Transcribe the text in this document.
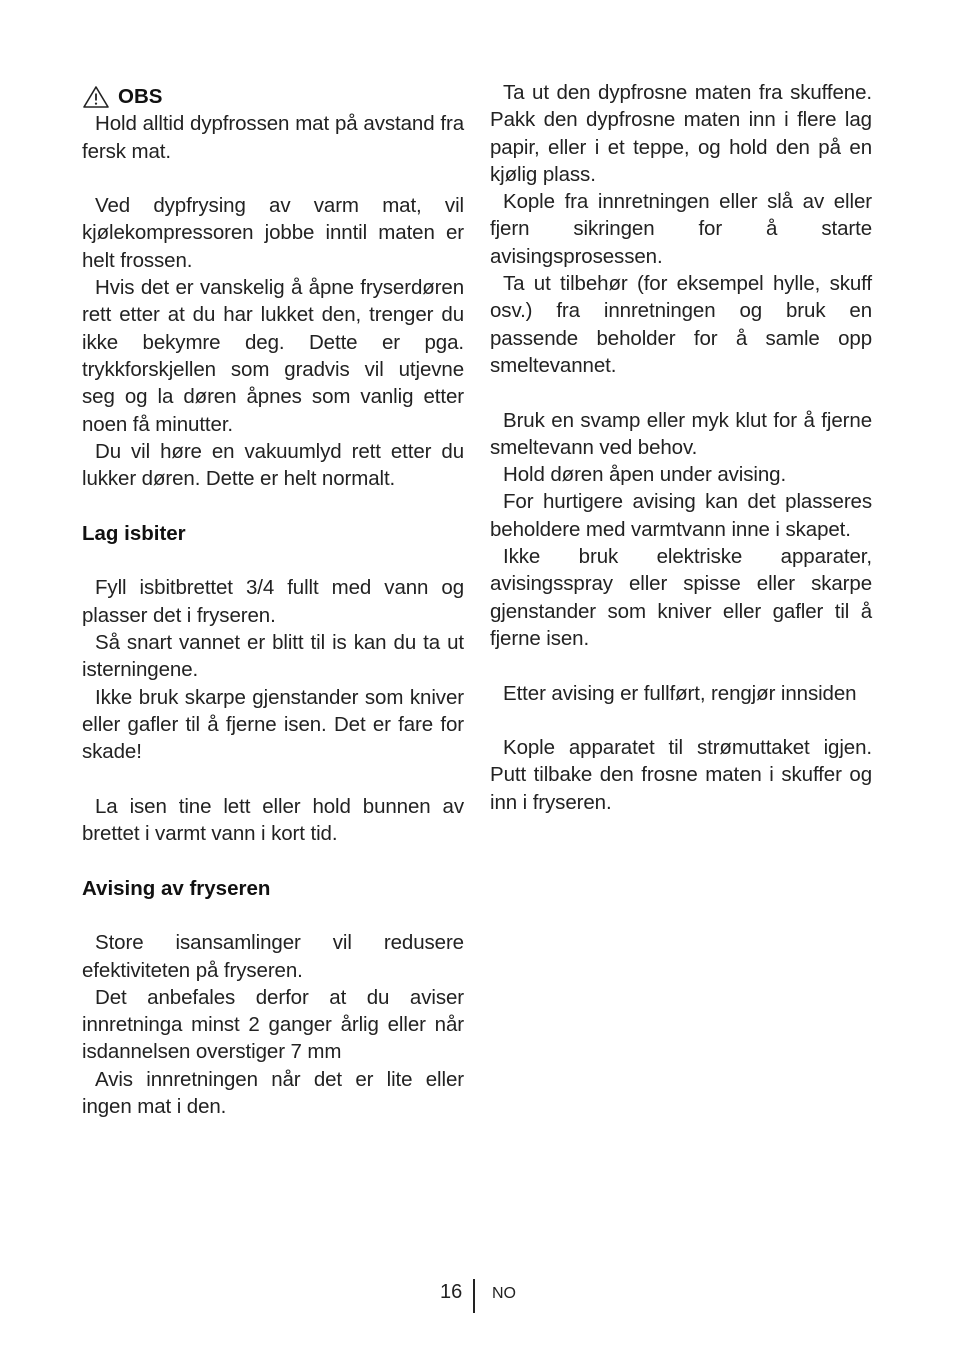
OBS

Hold alltid dypfrossen mat på avstand fra fersk mat.

Ved dypfrysing av varm mat, vil kjølekompressoren jobbe inntil maten er helt frossen.

Hvis det er vanskelig å åpne fryserdøren rett etter at du har lukket den, trenger du ikke bekymre deg. Dette er pga. trykkforskjellen som gradvis vil utjevne seg og la døren åpnes som vanlig etter noen få minutter.

Du vil høre en vakuumlyd rett etter du lukker døren. Dette er helt normalt.

Lag isbiter

Fyll isbitbrettet 3/4 fullt med vann og plasser det i fryseren.

Så snart vannet er blitt til is kan du ta ut isterningene.

Ikke bruk skarpe gjenstander som kniver eller gafler til å fjerne isen. Det er fare for skade!

La isen tine lett eller hold bunnen av brettet i varmt vann i kort tid.

Avising av fryseren

Store isansamlinger vil redusere efektiviteten på fryseren.

Det anbefales derfor at du aviser innretninga minst 2 ganger årlig eller når isdannelsen overstiger 7 mm

Avis innretningen når det er lite eller ingen mat i den.

Ta ut den dypfrosne maten fra skuffene. Pakk den dypfrosne maten inn i flere lag papir, eller i et teppe, og hold den på en kjølig plass.

Kople fra innretningen eller slå av eller fjern sikringen for å starte avisingsprosessen.

Ta ut tilbehør (for eksempel hylle, skuff osv.) fra innretningen og bruk en passende beholder for å samle opp smeltevannet.

Bruk en svamp eller myk klut for å fjerne smeltevann ved behov.

Hold døren åpen under avising.

For hurtigere avising kan det plasseres beholdere med varmtvann inne i skapet.

Ikke bruk elektriske apparater, avisingsspray eller spisse eller skarpe gjenstander som kniver eller gafler til å fjerne isen.

Etter avising er fullført, rengjør innsiden

Kople apparatet til strømuttaket igjen. Putt tilbake den frosne maten i skuffer og inn i fryseren.

16 NO
